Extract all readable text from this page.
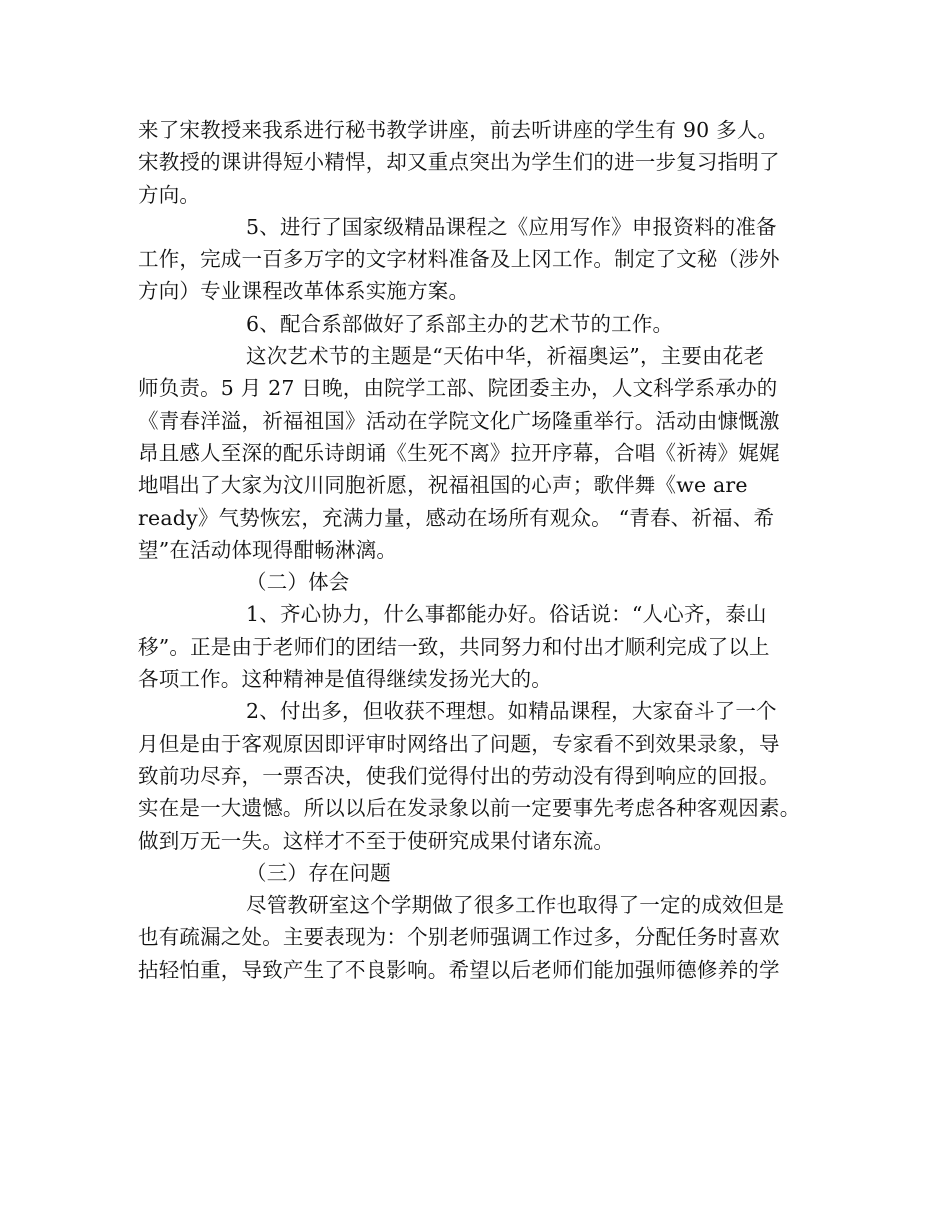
来了宋教授来我系进行秘书教学讲座，前去听讲座的学生有 90 多人。
宋教授的课讲得短小精悍，却又重点突出为学生们的进一步复习指明了
方向。
5、进行了国家级精品课程之《应用写作》申报资料的准备
工作，完成一百多万字的文字材料准备及上冈工作。制定了文秘（涉外
方向）专业课程改革体系实施方案。
6、配合系部做好了系部主办的艺术节的工作。
这次艺术节的主题是“天佑中华，祈福奥运”，主要由花老
师负责。5 月 27 日晚，由院学工部、院团委主办，人文科学系承办的
《青春洋溢，祈福祖国》活动在学院文化广场隆重举行。活动由慷慨激
昂且感人至深的配乐诗朗诵《生死不离》拉开序幕，合唱《祈祷》娓娓
地唱出了大家为汶川同胞祈愿，祝福祖国的心声；歌伴舞《we are
ready》气势恢宏，充满力量，感动在场所有观众。 “青春、祈福、希
望”在活动体现得酣畅淋漓。
（二）体会
1、齐心协力，什么事都能办好。俗话说：“人心齐，泰山
移”。正是由于老师们的团结一致，共同努力和付出才顺利完成了以上
各项工作。这种精神是值得继续发扬光大的。
2、付出多，但收获不理想。如精品课程，大家奋斗了一个
月但是由于客观原因即评审时网络出了问题，专家看不到效果录象，导
致前功尽弃，一票否决，使我们觉得付出的劳动没有得到响应的回报。
实在是一大遗憾。所以以后在发录象以前一定要事先考虑各种客观因素。
做到万无一失。这样才不至于使研究成果付诸东流。
（三）存在问题
尽管教研室这个学期做了很多工作也取得了一定的成效但是
也有疏漏之处。主要表现为：个别老师强调工作过多，分配任务时喜欢
拈轻怕重，导致产生了不良影响。希望以后老师们能加强师德修养的学
